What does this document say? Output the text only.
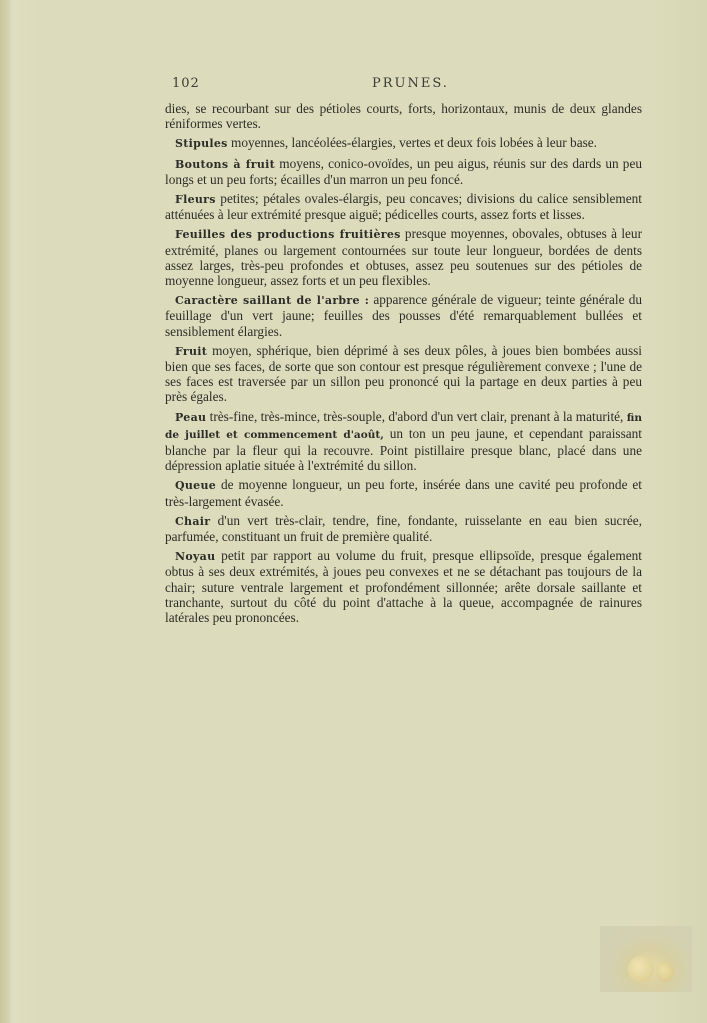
102	PRUNES.

dies, se recourbant sur des pétioles courts, forts, horizontaux, munis de deux glandes réniformes vertes.

Stipules moyennes, lancéolées-élargies, vertes et deux fois lobées à leur base.

Boutons à fruit moyens, conico-ovoïdes, un peu aigus, réunis sur des dards un peu longs et un peu forts; écailles d'un marron un peu foncé.

Fleurs petites; pétales ovales-élargis, peu concaves; divisions du calice sensiblement atténuées à leur extrémité presque aiguë; pédicelles courts, assez forts et lisses.

Feuilles des productions fruitières presque moyennes, obovales, obtuses à leur extrémité, planes ou largement contournées sur toute leur longueur, bordées de dents assez larges, très-peu profondes et obtuses, assez peu soutenues sur des pétioles de moyenne longueur, assez forts et un peu flexibles.

Caractère saillant de l'arbre : apparence générale de vigueur; teinte générale du feuillage d'un vert jaune; feuilles des pousses d'été remarquablement bullées et sensiblement élargies.

Fruit moyen, sphérique, bien déprimé à ses deux pôles, à joues bien bombées aussi bien que ses faces, de sorte que son contour est presque régulièrement convexe ; l'une de ses faces est traversée par un sillon peu prononcé qui la partage en deux parties à peu près égales.

Peau très-fine, très-mince, très-souple, d'abord d'un vert clair, prenant à la maturité, fin de juillet et commencement d'août, un ton un peu jaune, et cependant paraissant blanche par la fleur qui la recouvre. Point pistillaire presque blanc, placé dans une dépression aplatie située à l'extrémité du sillon.

Queue de moyenne longueur, un peu forte, insérée dans une cavité peu profonde et très-largement évasée.

Chair d'un vert très-clair, tendre, fine, fondante, ruisselante en eau bien sucrée, parfumée, constituant un fruit de première qualité.

Noyau petit par rapport au volume du fruit, presque ellipsoïde, presque également obtus à ses deux extrémités, à joues peu convexes et ne se détachant pas toujours de la chair; suture ventrale largement et profondément sillonnée; arête dorsale saillante et tranchante, surtout du côté du point d'attache à la queue, accompagnée de rainures latérales peu prononcées.
